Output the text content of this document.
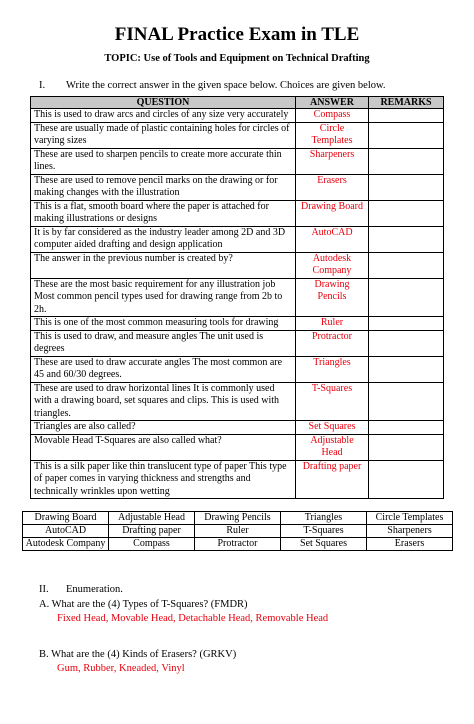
FINAL Practice Exam in TLE
TOPIC: Use of Tools and Equipment on Technical Drafting
I. Write the correct answer in the given space below. Choices are given below.
QUESTION	ANSWER	REMARKS
This is used to draw arcs and circles of any size very accurately	Compass	
These are usually made of plastic containing holes for circles of varying sizes	Circle Templates	
These are used to sharpen pencils to create more accurate thin lines.	Sharpeners	
These are used to remove pencil marks on the drawing or for making changes with the illustration	Erasers	
This is a flat, smooth board where the paper is attached for making illustrations or designs	Drawing Board	
It is by far considered as the industry leader among 2D and 3D computer aided drafting and design application	AutoCAD	
The answer in the previous number is created by?	Autodesk Company	
These are the most basic requirement for any illustration job Most common pencil types used for drawing range from 2b to 2h.	Drawing Pencils	
This is one of the most common measuring tools for drawing	Ruler	
This is used to draw, and measure angles The unit used is degrees	Protractor	
These are used to draw accurate angles The most common are 45 and 60/30 degrees.	Triangles	
These are used to draw horizontal lines It is commonly used with a drawing board, set squares and clips. This is used with triangles.	T-Squares	
Triangles are also called?	Set Squares	
Movable Head T-Squares are also called what?	Adjustable Head	
This is a silk paper like thin translucent type of paper This type of paper comes in varying thickness and strengths and technically wrinkles upon wetting	Drafting paper	
Drawing Board	Adjustable Head	Drawing Pencils	Triangles	Circle Templates
AutoCAD	Drafting paper	Ruler	T-Squares	Sharpeners
Autodesk Company	Compass	Protractor	Set Squares	Erasers
II. Enumeration.
A. What are the (4) Types of T-Squares? (FMDR)
Fixed Head, Movable Head, Detachable Head, Removable Head
B. What are the (4) Kinds of Erasers? (GRKV)
Gum, Rubber, Kneaded, Vinyl
